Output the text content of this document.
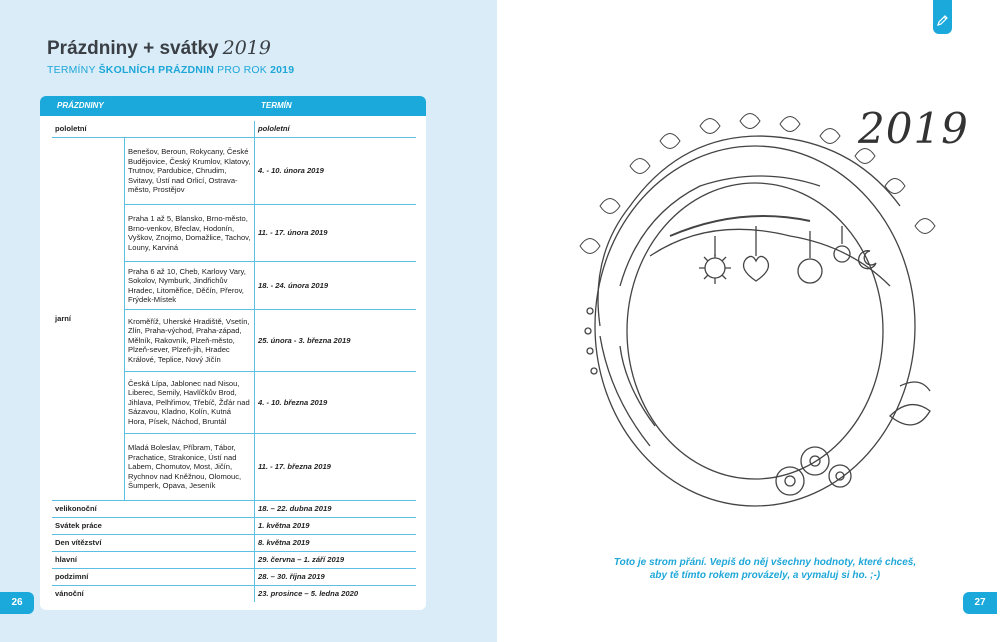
Prázdniny + svátky 2019
TERMÍNY ŠKOLNÍCH PRÁZDNIN PRO ROK 2019
PRÁZDNINY	TERMÍN
pololetní		pololetní
jarní	Benešov, Beroun, Rokycany, České Budějovice, Český Krumlov, Klatovy, Trutnov, Pardubice, Chrudim, Svitavy, Ústí nad Orlicí, Ostrava-město, Prostějov	4. - 10. února 2019
	Praha 1 až 5, Blansko, Brno-město, Brno-venkov, Břeclav, Hodonín, Vyškov, Znojmo, Domažlice, Tachov, Louny, Karviná	11. - 17. února 2019
	Praha 6 až 10, Cheb, Karlovy Vary, Sokolov, Nymburk, Jindřichův Hradec, Litoměřice, Děčín, Přerov, Frýdek-Místek	18. - 24. února 2019
	Kroměříž, Uherské Hradiště, Vsetín, Zlín, Praha-východ, Praha-západ, Mělník, Rakovník, Plzeň-město, Plzeň-sever, Plzeň-jih, Hradec Králové, Teplice, Nový Jičín	25. února - 3. března 2019
	Česká Lípa, Jablonec nad Nisou, Liberec, Semily, Havlíčkův Brod, Jihlava, Pelhřimov, Třebíč, Žďár nad Sázavou, Kladno, Kolín, Kutná Hora, Písek, Náchod, Bruntál	4. - 10. března 2019
	Mladá Boleslav, Příbram, Tábor, Prachatice, Strakonice, Ústí nad Labem, Chomutov, Most, Jičín, Rychnov nad Kněžnou, Olomouc, Šumperk, Opava, Jeseník	11. - 17. března 2019
velikonoční		18. – 22. dubna 2019
Svátek práce		1. května 2019
Den vítězství		8. května 2019
hlavní		29. června – 1. září 2019
podzimní		28. – 30. října 2019
vánoční		23. prosince – 5. ledna 2020
26
2019
Toto je strom přání. Vepiš do něj všechny hodnoty, které chceš,
aby tě tímto rokem provázely, a vymaluj si ho. ;-)
27
